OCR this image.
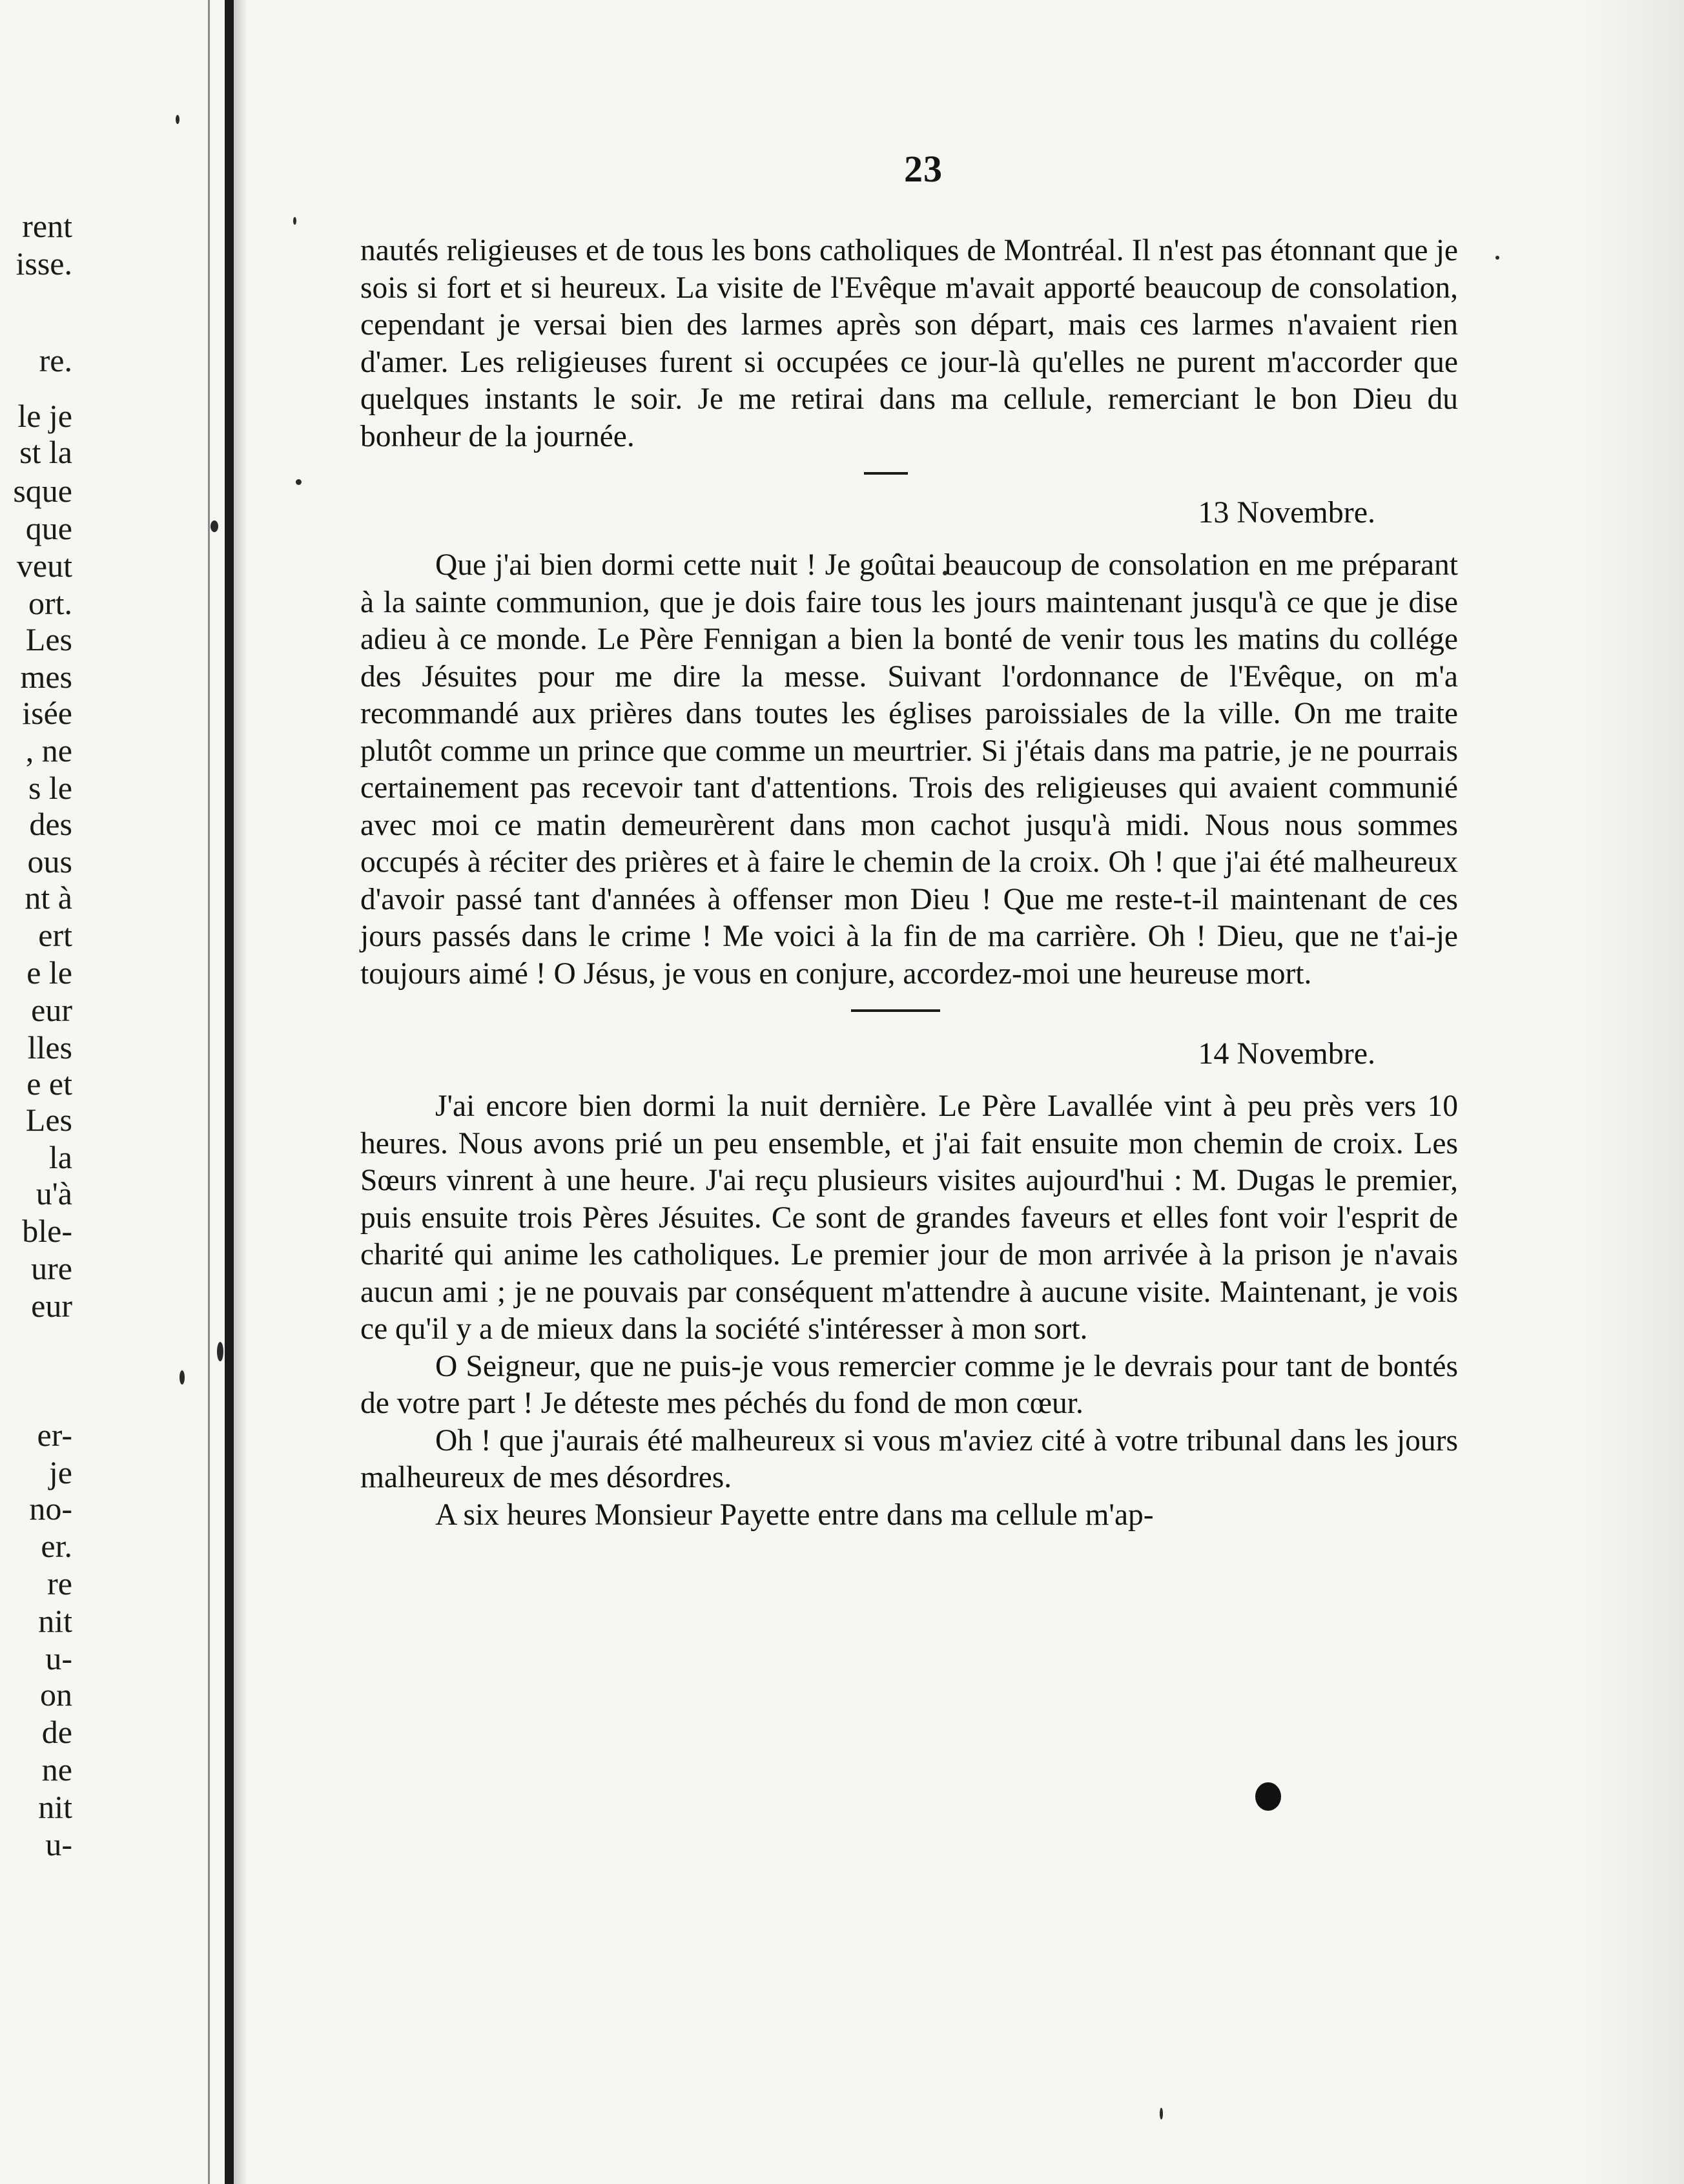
rent
isse.
re.
le je
st la
sque
que
veut
ort.
Les
mes
isée
, ne
s le
des
ous
nt à
ert
e le
eur
lles
e et
Les
la
u'à
ble-
ure
eur
er-
je
no-
er.
re
nit
u-
on
de
ne
nit
u-
23

nautés religieuses et de tous les bons catholiques de Montréal. Il n'est pas étonnant que je sois si fort et si heureux. La visite de l'Evêque m'avait apporté beaucoup de consolation, cependant je versai bien des larmes après son départ, mais ces larmes n'avaient rien d'amer. Les religieuses furent si occupées ce jour-là qu'elles ne purent m'accorder que quelques instants le soir. Je me retirai dans ma cellule, remerciant le bon Dieu du bonheur de la journée.

13 Novembre.

Que j'ai bien dormi cette nuit ! Je goûtai beaucoup de consolation en me préparant à la sainte communion, que je dois faire tous les jours maintenant jusqu'à ce que je dise adieu à ce monde. Le Père Fennigan a bien la bonté de venir tous les matins du collége des Jésuites pour me dire la messe. Suivant l'ordonnance de l'Evêque, on m'a recommandé aux prières dans toutes les églises paroissiales de la ville. On me traite plutôt comme un prince que comme un meurtrier. Si j'étais dans ma patrie, je ne pourrais certainement pas recevoir tant d'attentions. Trois des religieuses qui avaient communié avec moi ce matin demeurèrent dans mon cachot jusqu'à midi. Nous nous sommes occupés à réciter des prières et à faire le chemin de la croix. Oh ! que j'ai été malheureux d'avoir passé tant d'années à offenser mon Dieu ! Que me reste-t-il maintenant de ces jours passés dans le crime ! Me voici à la fin de ma carrière. Oh ! Dieu, que ne t'ai-je toujours aimé ! O Jésus, je vous en conjure, accordez-moi une heureuse mort.

14 Novembre.

J'ai encore bien dormi la nuit dernière. Le Père Lavallée vint à peu près vers 10 heures. Nous avons prié un peu ensemble, et j'ai fait ensuite mon chemin de croix. Les Sœurs vinrent à une heure. J'ai reçu plusieurs visites aujourd'hui : M. Dugas le premier, puis ensuite trois Pères Jésuites. Ce sont de grandes faveurs et elles font voir l'esprit de charité qui anime les catholiques. Le premier jour de mon arrivée à la prison je n'avais aucun ami ; je ne pouvais par conséquent m'attendre à aucune visite. Maintenant, je vois ce qu'il y a de mieux dans la société s'intéresser à mon sort.

O Seigneur, que ne puis-je vous remercier comme je le devrais pour tant de bontés de votre part ! Je déteste mes péchés du fond de mon cœur.

Oh ! que j'aurais été malheureux si vous m'aviez cité à votre tribunal dans les jours malheureux de mes désordres.

A six heures Monsieur Payette entre dans ma cellule m'ap-
